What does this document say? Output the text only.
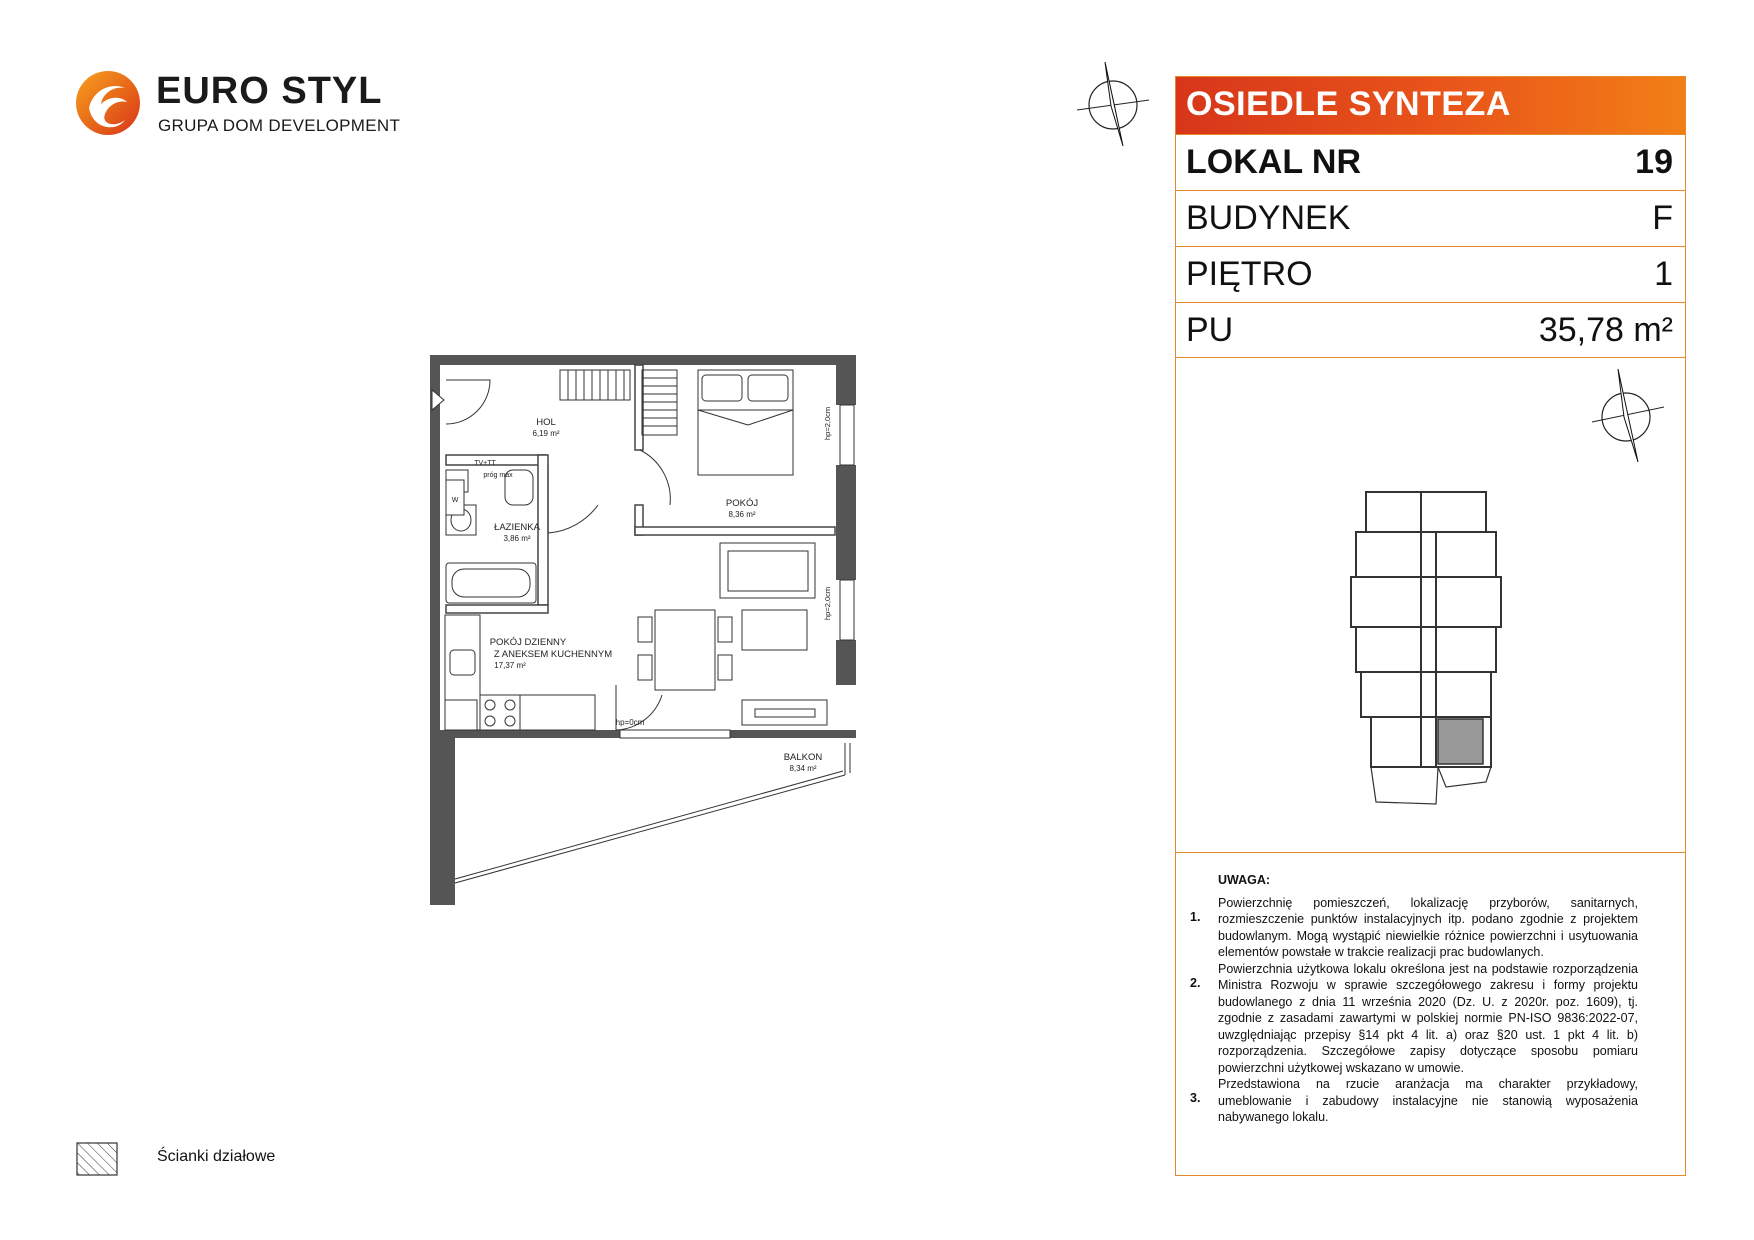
EURO STYL
GRUPA DOM DEVELOPMENT
HOL
6,19 m²
ŁAZIENKA
3,86 m²
POKÓJ
8,36 m²
POKÓJ DZIENNY
Z ANEKSEM KUCHENNYM
17,37 m²
BALKON
8,34 m²
hp=0cm
TV+TT
próg max
W
hp=2,0cm
hp=2,0cm
OSIEDLE SYNTEZA
LOKAL NR	19
BUDYNEK	F
PIĘTRO	1
PU	35,78 m²
UWAGA:
1.
Powierzchnię pomieszczeń, lokalizację przyborów, sanitarnych, rozmieszczenie punktów instalacyjnych itp. podano zgodnie z projektem budowlanym. Mogą wystąpić niewielkie różnice powierzchni i usytuowania elementów powstałe w trakcie realizacji prac budowlanych.
2.
Powierzchnia użytkowa lokalu określona jest na podstawie rozporządzenia Ministra Rozwoju w sprawie szczegółowego zakresu i formy projektu budowlanego z dnia 11 września 2020 (Dz. U. z 2020r. poz. 1609), tj. zgodnie z zasadami zawartymi w polskiej normie PN-ISO 9836:2022-07, uwzględniając przepisy §14 pkt 4 lit. a) oraz §20 ust. 1 pkt 4 lit. b) rozporządzenia. Szczegółowe zapisy dotyczące sposobu pomiaru powierzchni użytkowej wskazano w umowie.
3.
Przedstawiona na rzucie aranżacja ma charakter przykładowy, umeblowanie i zabudowy instalacyjne nie stanowią wyposażenia nabywanego lokalu.
Ścianki działowe
